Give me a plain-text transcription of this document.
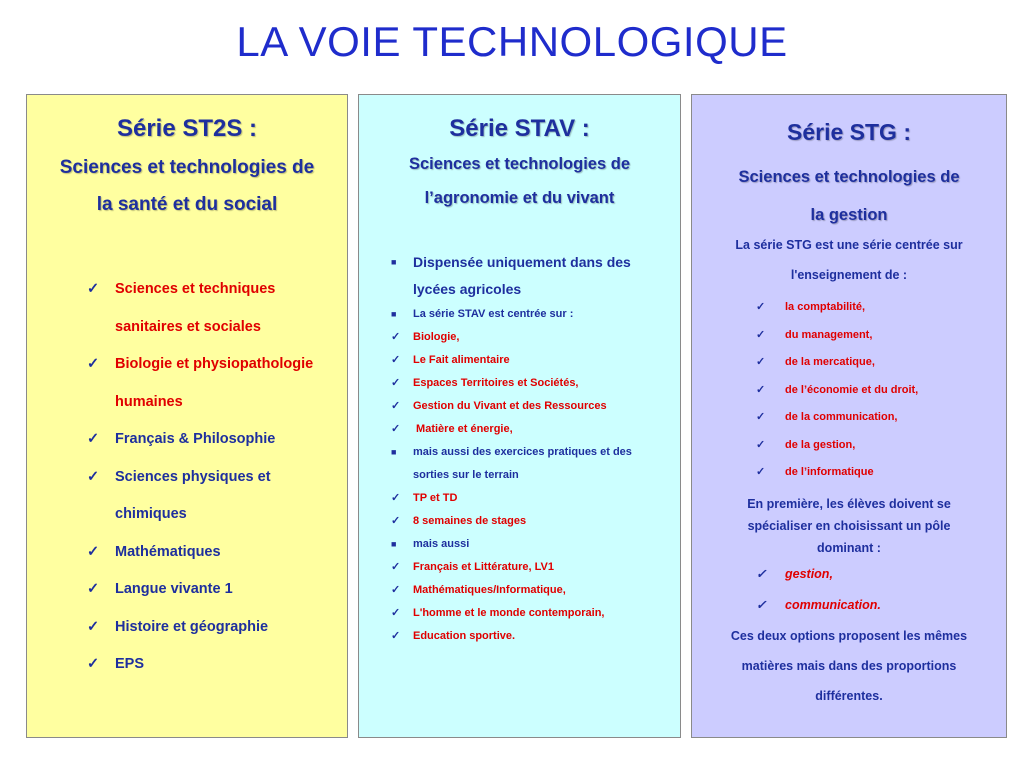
LA VOIE TECHNOLOGIQUE
Série ST2S :
Sciences et technologies de
la santé et du social
✓ Sciences et techniques
sanitaires et sociales
✓ Biologie et physiopathologie
humaines
✓ Français & Philosophie
✓ Sciences physiques et
chimiques
✓ Mathématiques
✓ Langue vivante 1
✓ Histoire et géographie
✓ EPS
Série STAV :
Sciences et technologies de
l’agronomie et du vivant
■ Dispensée uniquement dans des
lycées agricoles
■ La série STAV est centrée sur :
✓ Biologie,
✓ Le Fait alimentaire
✓ Espaces Territoires et Sociétés,
✓ Gestion du Vivant et des Ressources
✓ Matière et énergie,
■ mais aussi des exercices pratiques et des
sorties sur le terrain
✓ TP et TD
✓ 8 semaines de stages
■ mais aussi
✓ Français et Littérature, LV1
✓ Mathématiques/Informatique,
✓ L'homme et le monde contemporain,
✓ Education sportive.
Série STG :
Sciences et technologies de
la gestion
La série STG est une série centrée sur
l'enseignement de :
✓ la comptabilité,
✓ du management,
✓ de la mercatique,
✓ de l’économie et du droit,
✓ de la communication,
✓ de la gestion,
✓ de l’informatique
En première, les élèves doivent se
spécialiser en choisissant un pôle
dominant :
✓ gestion,
✓ communication.
Ces deux options proposent les mêmes
matières mais dans des proportions
différentes.
